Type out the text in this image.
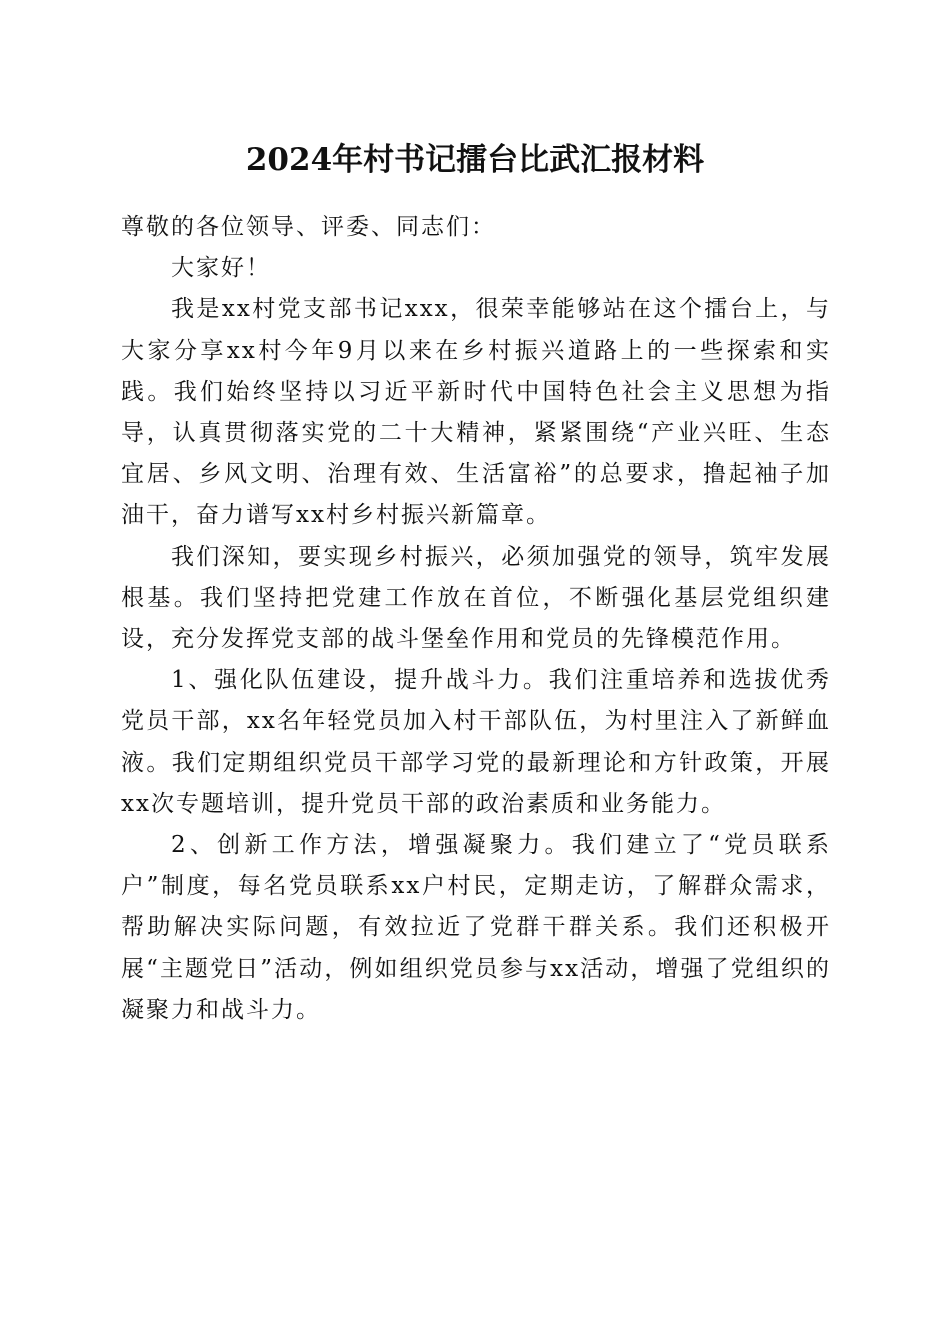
2024年村书记擂台比武汇报材料

尊敬的各位领导、评委、同志们：

大家好！

我是xx村党支部书记xxx，很荣幸能够站在这个擂台上，与大家分享xx村今年9月以来在乡村振兴道路上的一些探索和实践。我们始终坚持以习近平新时代中国特色社会主义思想为指导，认真贯彻落实党的二十大精神，紧紧围绕“产业兴旺、生态宜居、乡风文明、治理有效、生活富裕”的总要求，撸起袖子加油干，奋力谱写xx村乡村振兴新篇章。

我们深知，要实现乡村振兴，必须加强党的领导，筑牢发展根基。我们坚持把党建工作放在首位，不断强化基层党组织建设，充分发挥党支部的战斗堡垒作用和党员的先锋模范作用。

1、强化队伍建设，提升战斗力。我们注重培养和选拔优秀党员干部，xx名年轻党员加入村干部队伍，为村里注入了新鲜血液。我们定期组织党员干部学习党的最新理论和方针政策，开展xx次专题培训，提升党员干部的政治素质和业务能力。

2、创新工作方法，增强凝聚力。我们建立了“党员联系户”制度，每名党员联系xx户村民，定期走访，了解群众需求，帮助解决实际问题，有效拉近了党群干群关系。我们还积极开展“主题党日”活动，例如组织党员参与xx活动，增强了党组织的凝聚力和战斗力。
